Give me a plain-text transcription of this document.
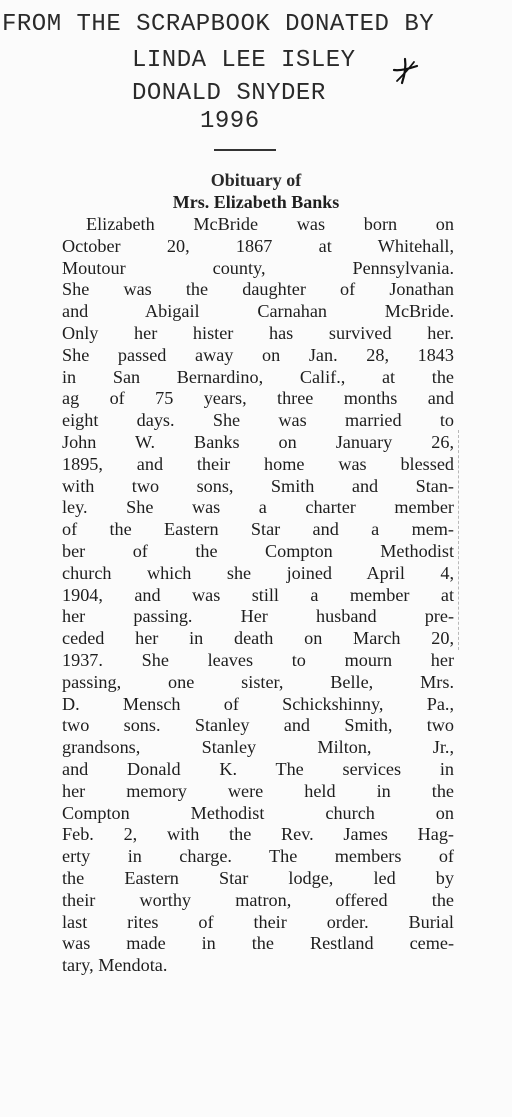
FROM THE SCRAPBOOK DONATED BY
LINDA LEE ISLEY
DONALD SNYDER
1996
Obituary of
Mrs. Elizabeth Banks
Elizabeth McBride was born on
October 20, 1867 at Whitehall,
Moutour county, Pennsylvania.
She was the daughter of Jonathan
and Abigail Carnahan McBride.
Only her hister has survived her.
She passed away on Jan. 28, 1843
in San Bernardino, Calif., at the
ag of 75 years, three months and
eight days. She was married to
John W. Banks on January 26,
1895, and their home was blessed
with two sons, Smith and Stan-
ley. She was a charter member
of the Eastern Star and a mem-
ber of the Compton Methodist
church which she joined April 4,
1904, and was still a member at
her passing. Her husband pre-
ceded her in death on March 20,
1937. She leaves to mourn her
passing, one sister, Belle, Mrs.
D. Mensch of Schickshinny, Pa.,
two sons. Stanley and Smith, two
grandsons, Stanley Milton, Jr.,
and Donald K. The services in
her memory were held in the
Compton Methodist church on
Feb. 2, with the Rev. James Hag-
erty in charge. The members of
the Eastern Star lodge, led by
their worthy matron, offered the
last rites of their order. Burial
was made in the Restland ceme-
tary, Mendota.
